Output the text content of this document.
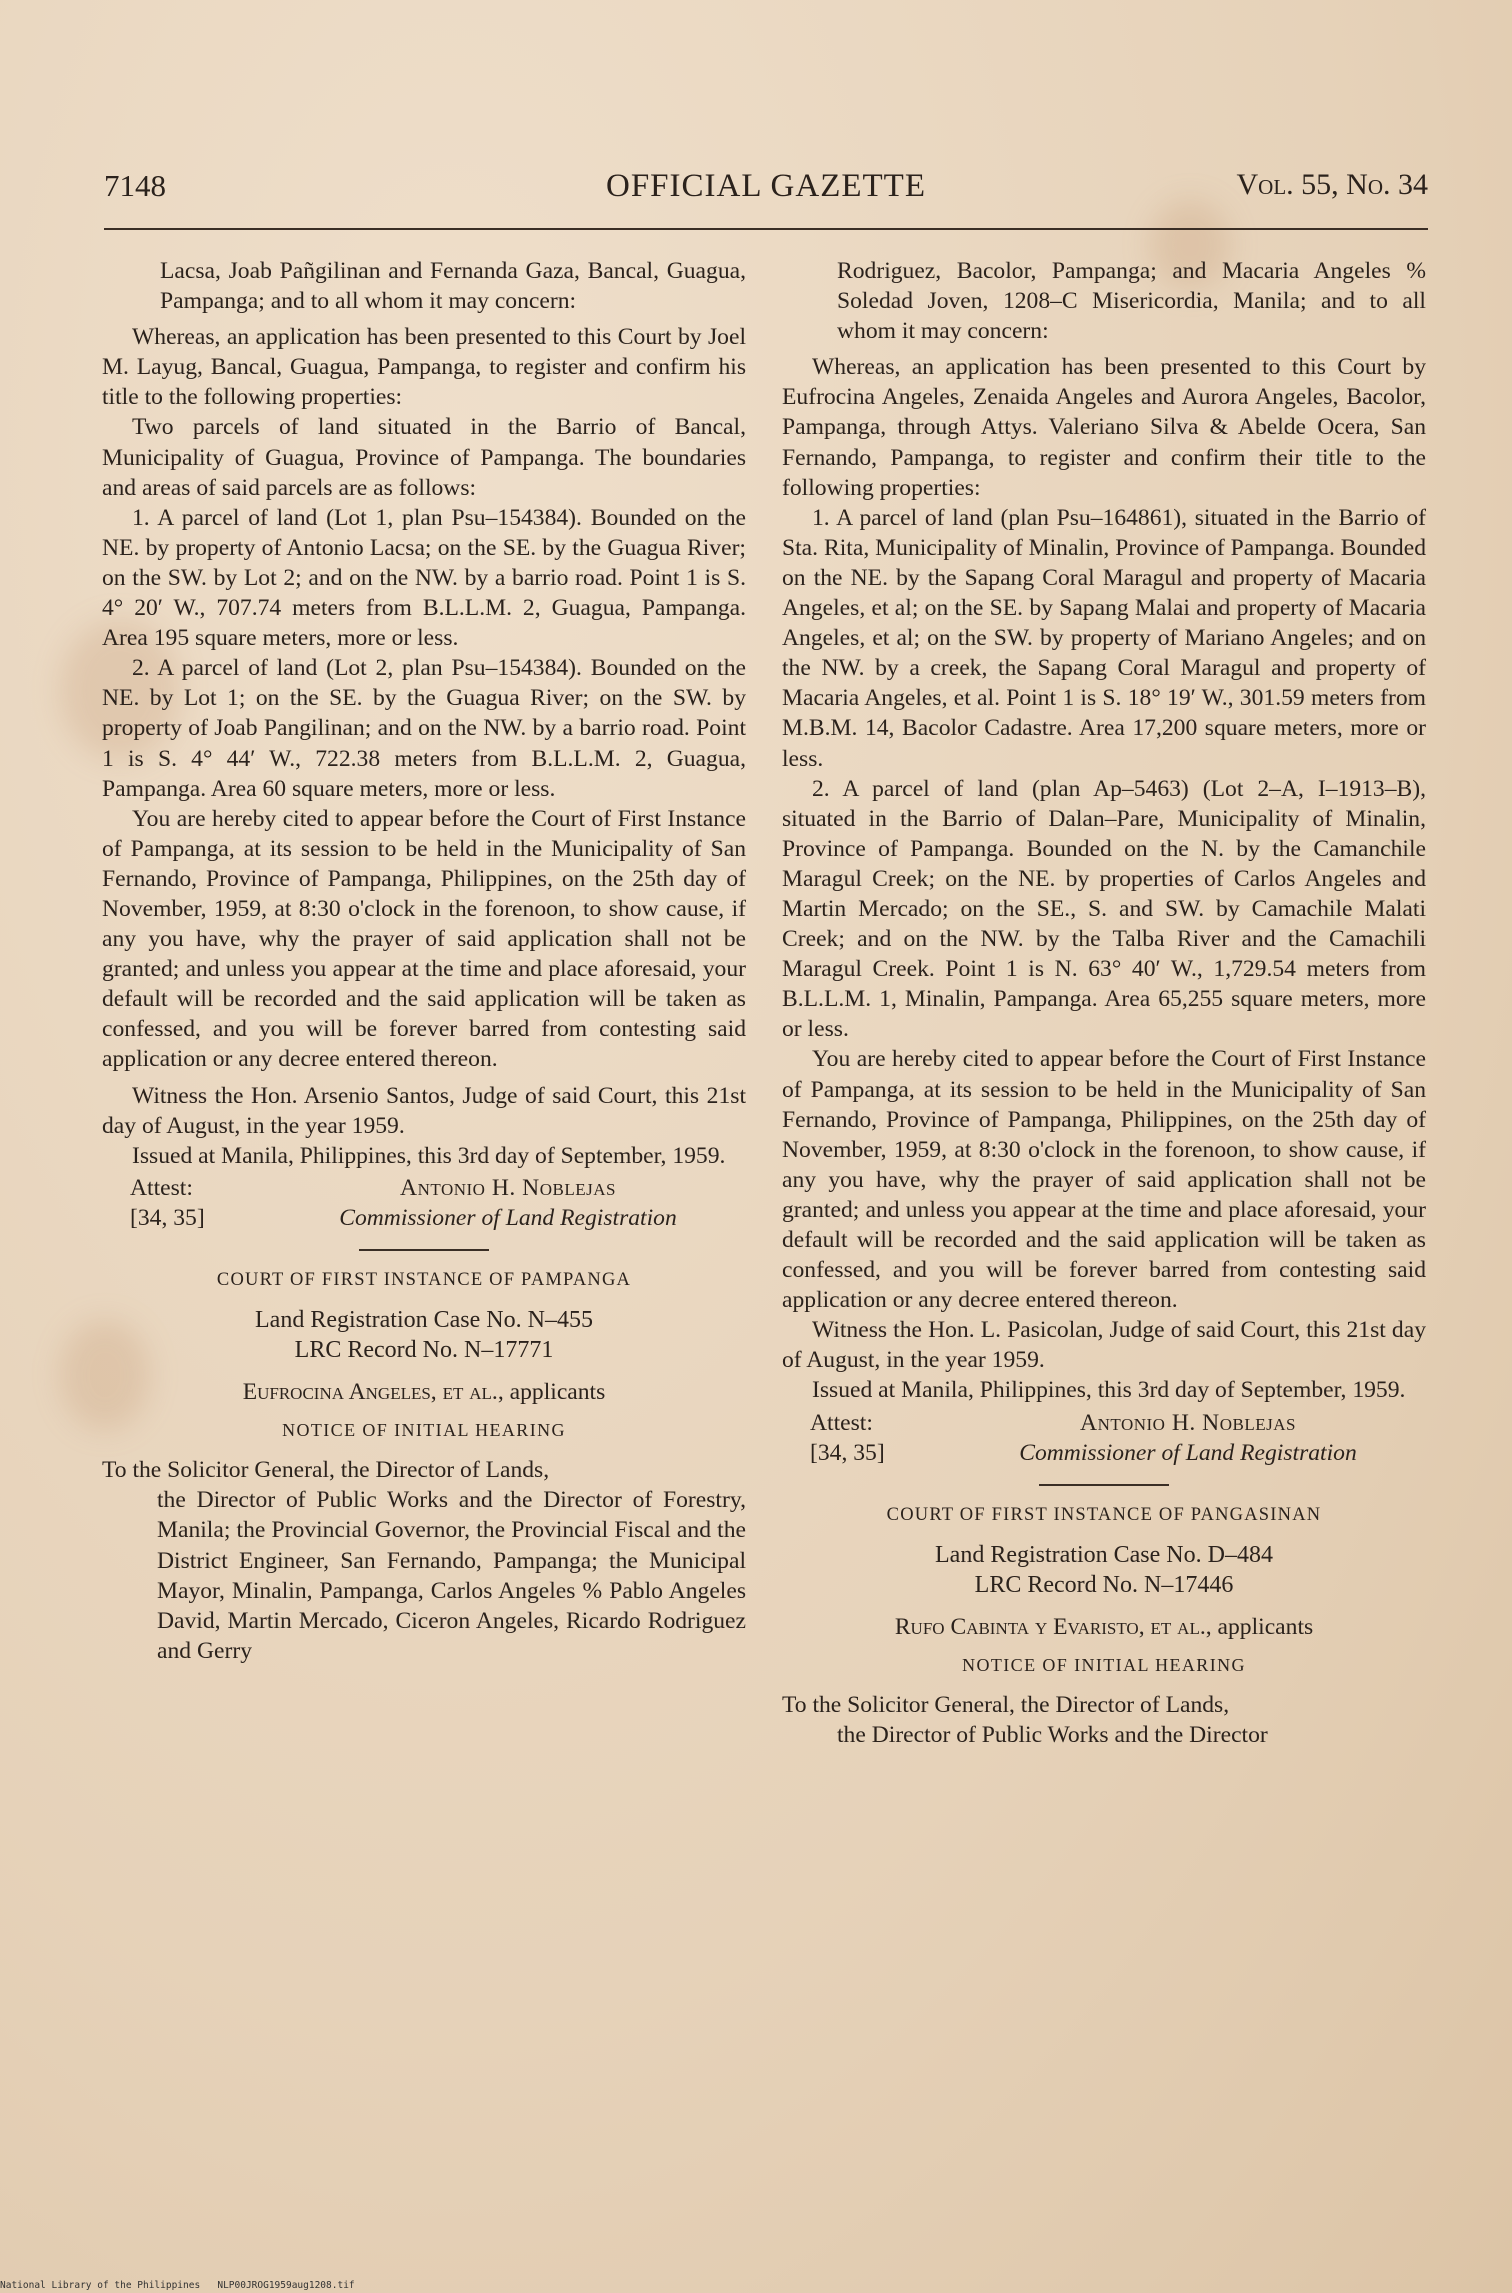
7148	OFFICIAL GAZETTE	Vol. 55, No. 34

Lacsa, Joab Pañgilinan and Fernanda Gaza, Bancal, Guagua, Pampanga; and to all whom it may concern:

Whereas, an application has been presented to this Court by Joel M. Layug, Bancal, Guagua, Pampanga, to register and confirm his title to the following properties:

Two parcels of land situated in the Barrio of Bancal, Municipality of Guagua, Province of Pampanga. The boundaries and areas of said parcels are as follows:

1. A parcel of land (Lot 1, plan Psu–154384). Bounded on the NE. by property of Antonio Lacsa; on the SE. by the Guagua River; on the SW. by Lot 2; and on the NW. by a barrio road. Point 1 is S. 4° 20′ W., 707.74 meters from B.L.L.M. 2, Guagua, Pampanga. Area 195 square meters, more or less.

2. A parcel of land (Lot 2, plan Psu–154384). Bounded on the NE. by Lot 1; on the SE. by the Guagua River; on the SW. by property of Joab Pangilinan; and on the NW. by a barrio road. Point 1 is S. 4° 44′ W., 722.38 meters from B.L.L.M. 2, Guagua, Pampanga. Area 60 square meters, more or less.

You are hereby cited to appear before the Court of First Instance of Pampanga, at its session to be held in the Municipality of San Fernando, Province of Pampanga, Philippines, on the 25th day of November, 1959, at 8:30 o'clock in the forenoon, to show cause, if any you have, why the prayer of said application shall not be granted; and unless you appear at the time and place aforesaid, your default will be recorded and the said application will be taken as confessed, and you will be forever barred from contesting said application or any decree entered thereon.

Witness the Hon. Arsenio Santos, Judge of said Court, this 21st day of August, in the year 1959.

Issued at Manila, Philippines, this 3rd day of September, 1959.

Attest:
[34, 35]
Antonio H. Noblejas
Commissioner of Land Registration
COURT OF FIRST INSTANCE OF PAMPANGA
Land Registration Case No. N–455
LRC Record No. N–17771
Eufrocina Angeles, et al., applicants
NOTICE OF INITIAL HEARING

To the Solicitor General, the Director of Lands,
the Director of Public Works and the Director of Forestry, Manila; the Provincial Governor, the Provincial Fiscal and the District Engineer, San Fernando, Pampanga; the Municipal Mayor, Minalin, Pampanga, Carlos Angeles % Pablo Angeles David, Martin Mercado, Ciceron Angeles, Ricardo Rodriguez and Gerry

Rodriguez, Bacolor, Pampanga; and Macaria Angeles % Soledad Joven, 1208–C Misericordia, Manila; and to all whom it may concern:

Whereas, an application has been presented to this Court by Eufrocina Angeles, Zenaida Angeles and Aurora Angeles, Bacolor, Pampanga, through Attys. Valeriano Silva & Abelde Ocera, San Fernando, Pampanga, to register and confirm their title to the following properties:

1. A parcel of land (plan Psu–164861), situated in the Barrio of Sta. Rita, Municipality of Minalin, Province of Pampanga. Bounded on the NE. by the Sapang Coral Maragul and property of Macaria Angeles, et al; on the SE. by Sapang Malai and property of Macaria Angeles, et al; on the SW. by property of Mariano Angeles; and on the NW. by a creek, the Sapang Coral Maragul and property of Macaria Angeles, et al. Point 1 is S. 18° 19′ W., 301.59 meters from M.B.M. 14, Bacolor Cadastre. Area 17,200 square meters, more or less.

2. A parcel of land (plan Ap–5463) (Lot 2–A, I–1913–B), situated in the Barrio of Dalan–Pare, Municipality of Minalin, Province of Pampanga. Bounded on the N. by the Camanchile Maragul Creek; on the NE. by properties of Carlos Angeles and Martin Mercado; on the SE., S. and SW. by Camachile Malati Creek; and on the NW. by the Talba River and the Camachili Maragul Creek. Point 1 is N. 63° 40′ W., 1,729.54 meters from B.L.L.M. 1, Minalin, Pampanga. Area 65,255 square meters, more or less.

You are hereby cited to appear before the Court of First Instance of Pampanga, at its session to be held in the Municipality of San Fernando, Province of Pampanga, Philippines, on the 25th day of November, 1959, at 8:30 o'clock in the forenoon, to show cause, if any you have, why the prayer of said application shall not be granted; and unless you appear at the time and place aforesaid, your default will be recorded and the said application will be taken as confessed, and you will be forever barred from contesting said application or any decree entered thereon.

Witness the Hon. L. Pasicolan, Judge of said Court, this 21st day of August, in the year 1959.

Issued at Manila, Philippines, this 3rd day of September, 1959.

Attest:
[34, 35]
Antonio H. Noblejas
Commissioner of Land Registration
COURT OF FIRST INSTANCE OF PANGASINAN
Land Registration Case No. D–484
LRC Record No. N–17446
Rufo Cabinta y Evaristo, et al., applicants
NOTICE OF INITIAL HEARING

To the Solicitor General, the Director of Lands,
the Director of Public Works and the Director

National Library of the Philippines NLP00JROG1959aug1208.tif
